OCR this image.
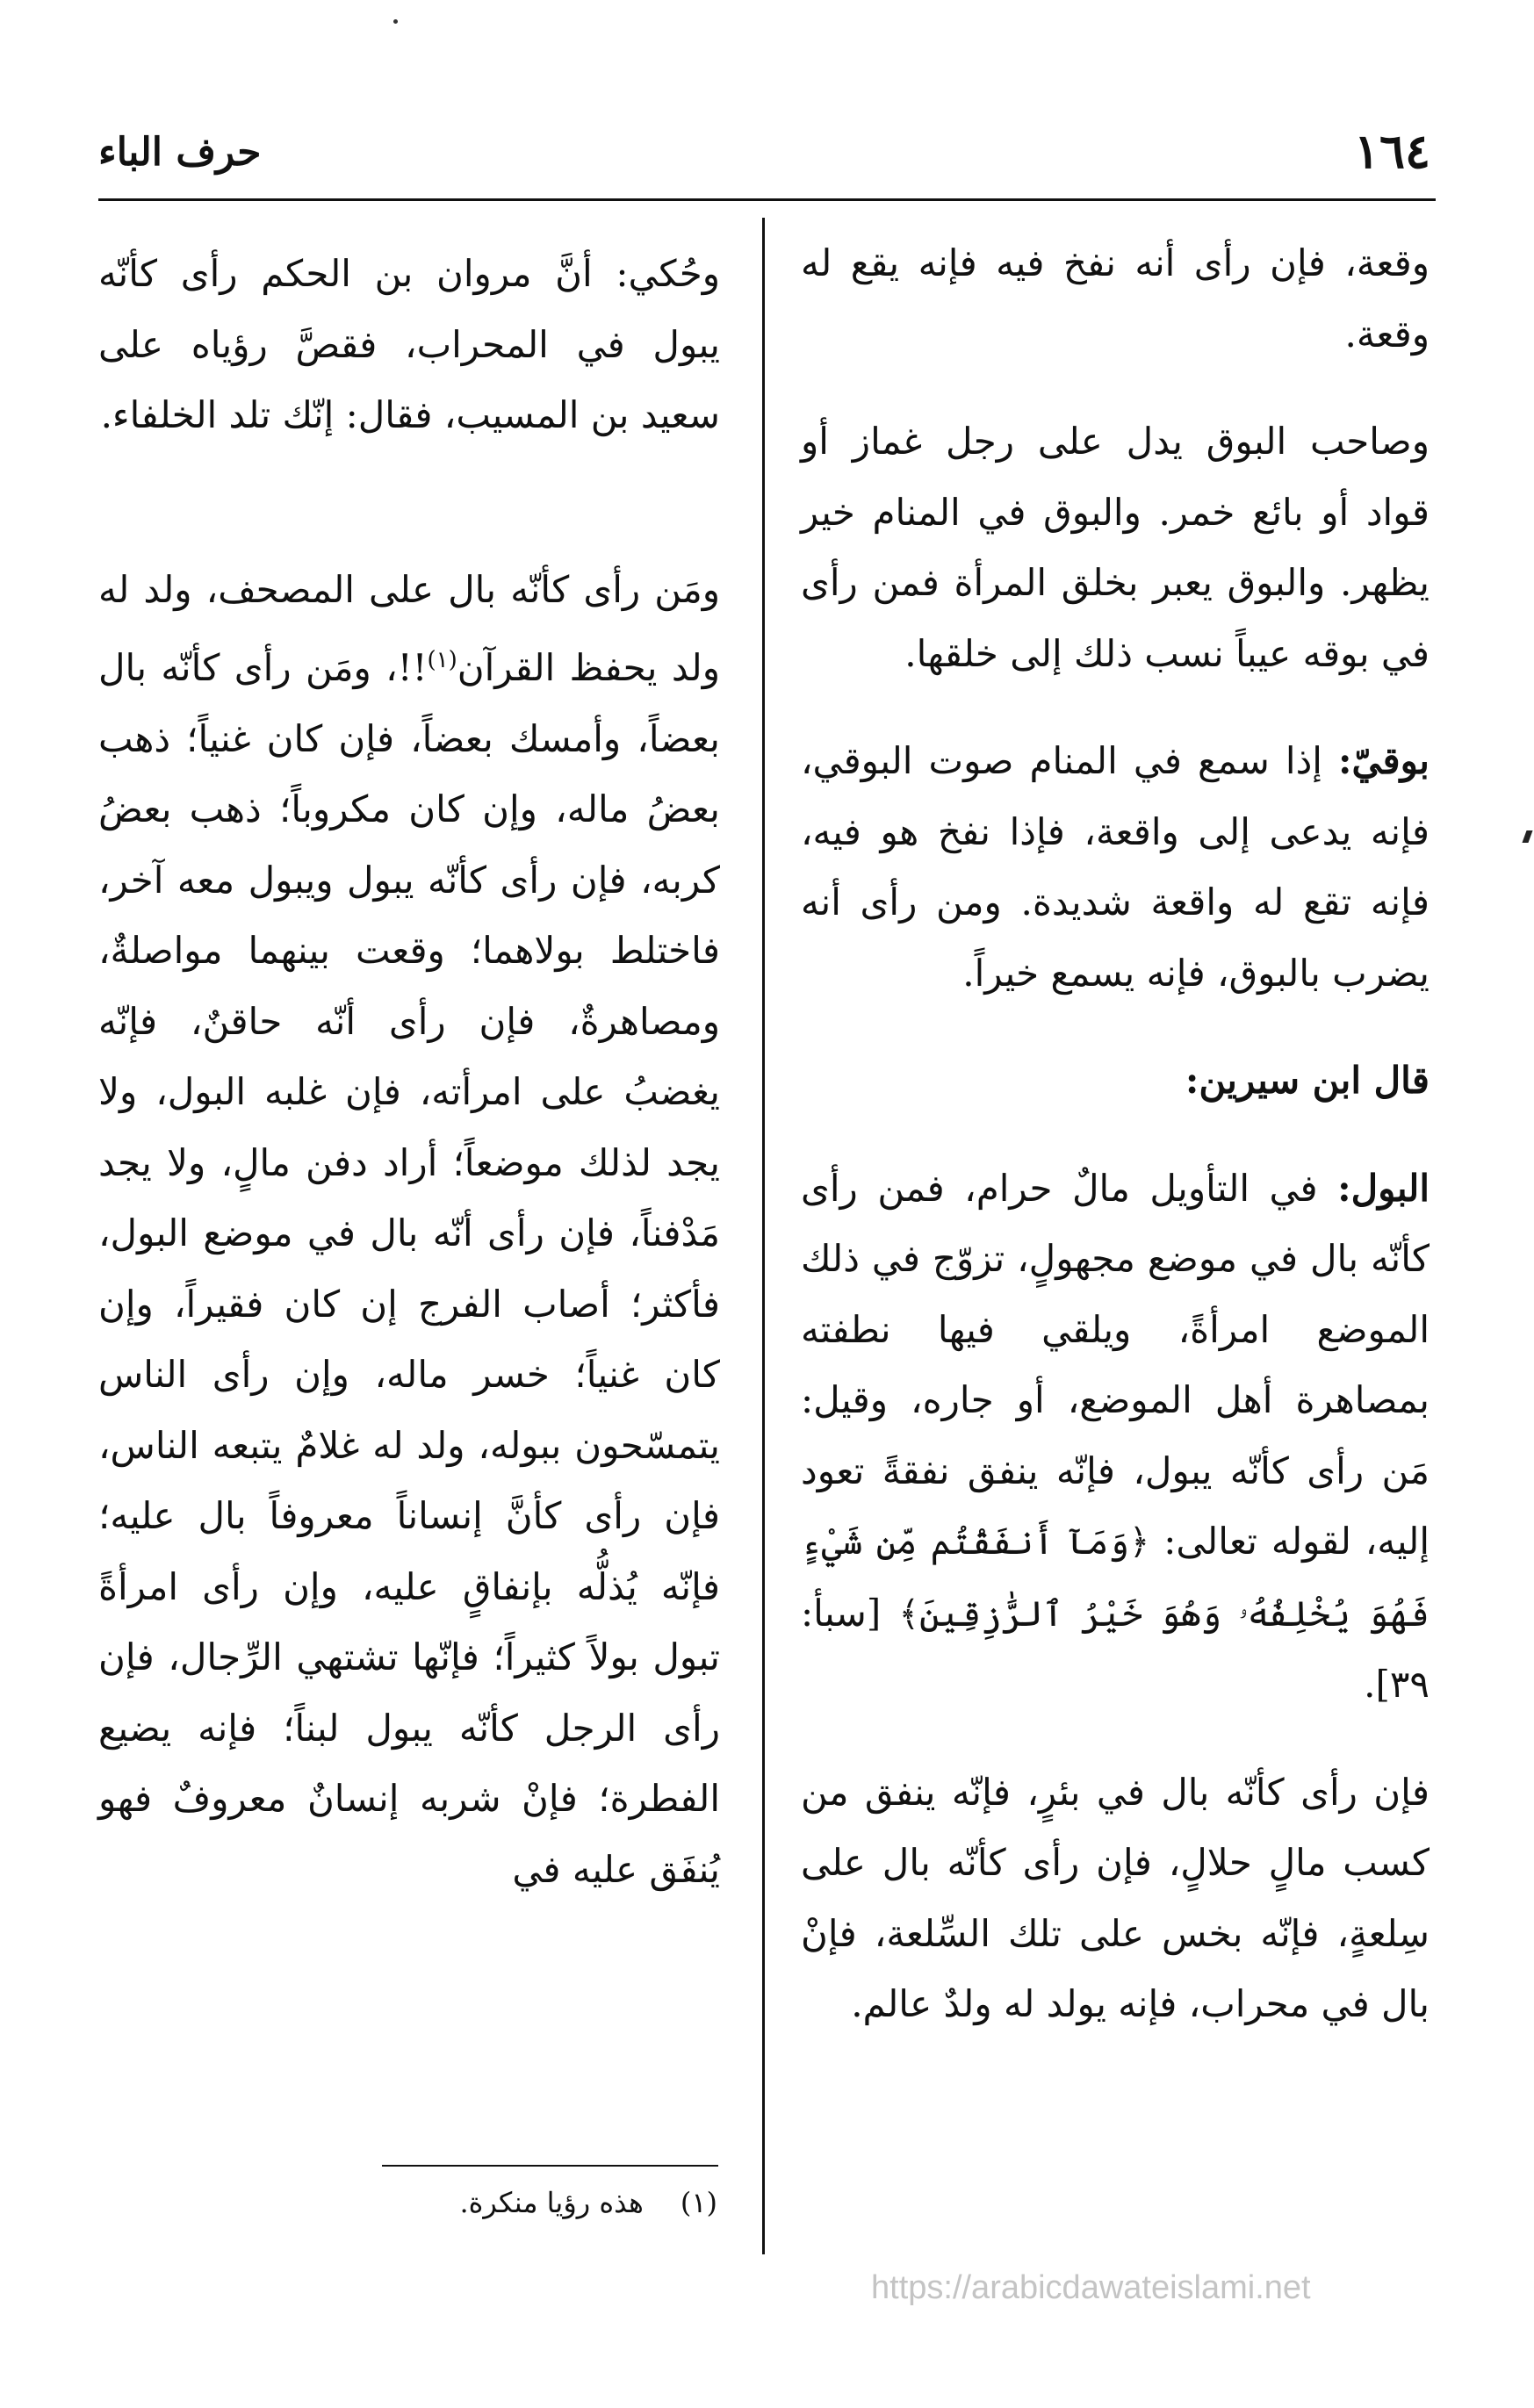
١٦٤
حرف الباء

وقعة، فإن رأى أنه نفخ فيه فإنه يقع له وقعة.

وصاحب البوق يدل على رجل غماز أو قواد أو بائع خمر. والبوق في المنام خير يظهر. والبوق يعبر بخلق المرأة فمن رأى في بوقه عيباً نسب ذلك إلى خلقها.

بوقيّ: إذا سمع في المنام صوت البوقي، فإنه يدعى إلى واقعة، فإذا نفخ هو فيه، فإنه تقع له واقعة شديدة. ومن رأى أنه يضرب بالبوق، فإنه يسمع خيراً.

قال ابن سيرين:

البول: في التأويل مالٌ حرام، فمن رأى كأنّه بال في موضع مجهولٍ، تزوّج في ذلك الموضع امرأةً، ويلقي فيها نطفته بمصاهرة أهل الموضع، أو جاره، وقيل: مَن رأى كأنّه يبول، فإنّه ينفق نفقةً تعود إليه، لقوله تعالى: ﴿وَمَآ أَنفَقْتُم مِّن شَيْءٍ فَهُوَ يُخْلِفُهُۥ وَهُوَ خَيْرُ ٱلرَّٰزِقِينَ﴾ [سبأ: ٣٩].

فإن رأى كأنّه بال في بئرٍ، فإنّه ينفق من كسب مالٍ حلالٍ، فإن رأى كأنّه بال على سِلعةٍ، فإنّه بخس على تلك السِّلعة، فإنْ بال في محراب، فإنه يولد له ولدٌ عالم.

وحُكي: أنَّ مروان بن الحكم رأى كأنّه يبول في المحراب، فقصَّ رؤياه على سعيد بن المسيب، فقال: إنّك تلد الخلفاء.

ومَن رأى كأنّه بال على المصحف، ولد له ولد يحفظ القرآن$^{(١)}$!!، ومَن رأى كأنّه بال بعضاً، وأمسك بعضاً، فإن كان غنياً؛ ذهب بعضُ ماله، وإن كان مكروباً؛ ذهب بعضُ كربه، فإن رأى كأنّه يبول ويبول معه آخر، فاختلط بولاهما؛ وقعت بينهما مواصلةٌ، ومصاهرةٌ، فإن رأى أنّه حاقنٌ، فإنّه يغضبُ على امرأته، فإن غلبه البول، ولا يجد لذلك موضعاً؛ أراد دفن مالٍ، ولا يجد مَدْفناً، فإن رأى أنّه بال في موضع البول، فأكثر؛ أصاب الفرج إن كان فقيراً، وإن كان غنياً؛ خسر ماله، وإن رأى الناس يتمسّحون ببوله، ولد له غلامٌ يتبعه الناس، فإن رأى كأنَّ إنساناً معروفاً بال عليه؛ فإنّه يُذلُّه بإنفاقٍ عليه، وإن رأى امرأةً تبول بولاً كثيراً؛ فإنّها تشتهي الرِّجال، فإن رأى الرجل كأنّه يبول لبناً؛ فإنه يضيع الفطرة؛ فإنْ شربه إنسانٌ معروفٌ فهو يُنفَق عليه في

(١)هذه رؤيا منكرة.
https://arabicdawateislami.net
